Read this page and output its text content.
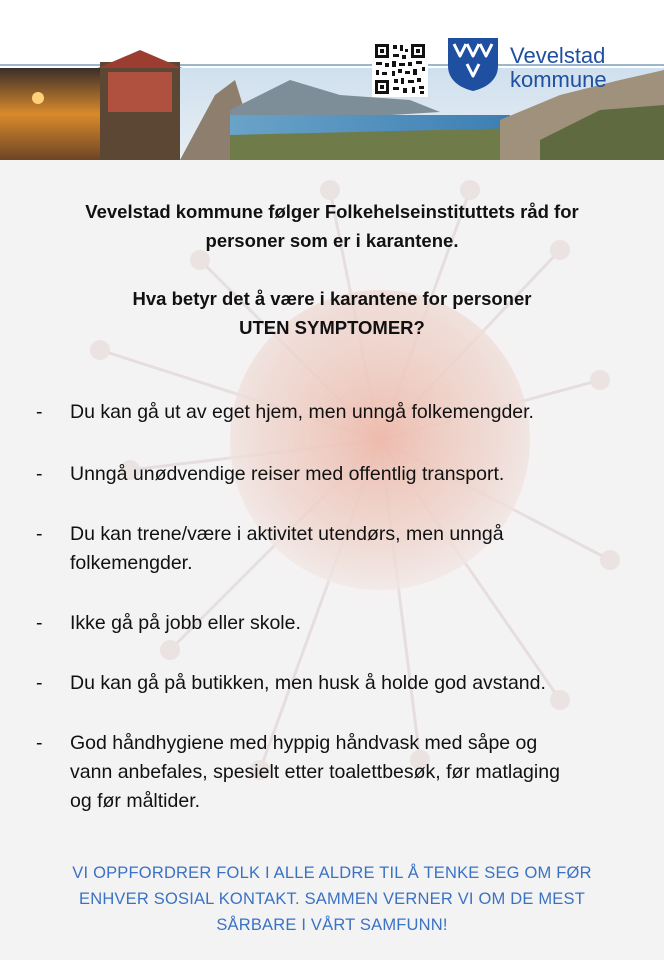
Vevelstad
kommune

Vevelstad kommune følger Folkehelseinstituttets råd for

personer som er i karantene.

Hva betyr det å være i karantene for personer

UTEN SYMPTOMER?

- Du kan gå ut av eget hjem, men unngå folkemengder.
- Unngå unødvendige reiser med offentlig transport.
- Du kan trene/være i aktivitet utendørs, men unngå
folkemengder.
- Ikke gå på jobb eller skole.
- Du kan gå på butikken, men husk å holde god avstand.
- God håndhygiene med hyppig håndvask med såpe og
vann anbefales, spesielt etter toalettbesøk, før matlaging
og før måltider.
VI OPPFORDRER FOLK I ALLE ALDRE TIL Å TENKE SEG OM FØR
ENHVER SOSIAL KONTAKT. SAMMEN VERNER VI OM DE MEST
SÅRBARE I VÅRT SAMFUNN!
